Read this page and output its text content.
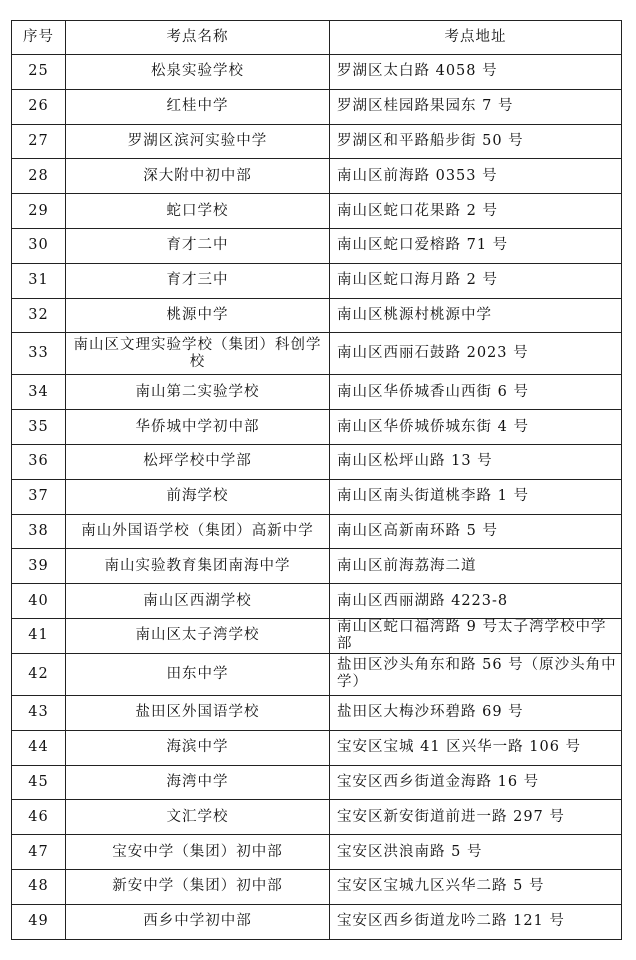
序号	考点名称	考点地址
25	松泉实验学校	罗湖区太白路 4058 号
26	红桂中学	罗湖区桂园路果园东 7 号
27	罗湖区滨河实验中学	罗湖区和平路船步街 50 号
28	深大附中初中部	南山区前海路 0353 号
29	蛇口学校	南山区蛇口花果路 2 号
30	育才二中	南山区蛇口爱榕路 71 号
31	育才三中	南山区蛇口海月路 2 号
32	桃源中学	南山区桃源村桃源中学
33	南山区文理实验学校（集团）科创学校	南山区西丽石鼓路 2023 号
34	南山第二实验学校	南山区华侨城香山西街 6 号
35	华侨城中学初中部	南山区华侨城侨城东街 4 号
36	松坪学校中学部	南山区松坪山路 13 号
37	前海学校	南山区南头街道桃李路 1 号
38	南山外国语学校（集团）高新中学	南山区高新南环路 5 号
39	南山实验教育集团南海中学	南山区前海荔海二道
40	南山区西湖学校	南山区西丽湖路 4223-8
41	南山区太子湾学校	南山区蛇口福湾路 9 号太子湾学校中学部
42	田东中学	盐田区沙头角东和路 56 号（原沙头角中学）
43	盐田区外国语学校	盐田区大梅沙环碧路 69 号
44	海滨中学	宝安区宝城 41 区兴华一路 106 号
45	海湾中学	宝安区西乡街道金海路 16 号
46	文汇学校	宝安区新安街道前进一路 297 号
47	宝安中学（集团）初中部	宝安区洪浪南路 5 号
48	新安中学（集团）初中部	宝安区宝城九区兴华二路 5 号
49	西乡中学初中部	宝安区西乡街道龙吟二路 121 号
